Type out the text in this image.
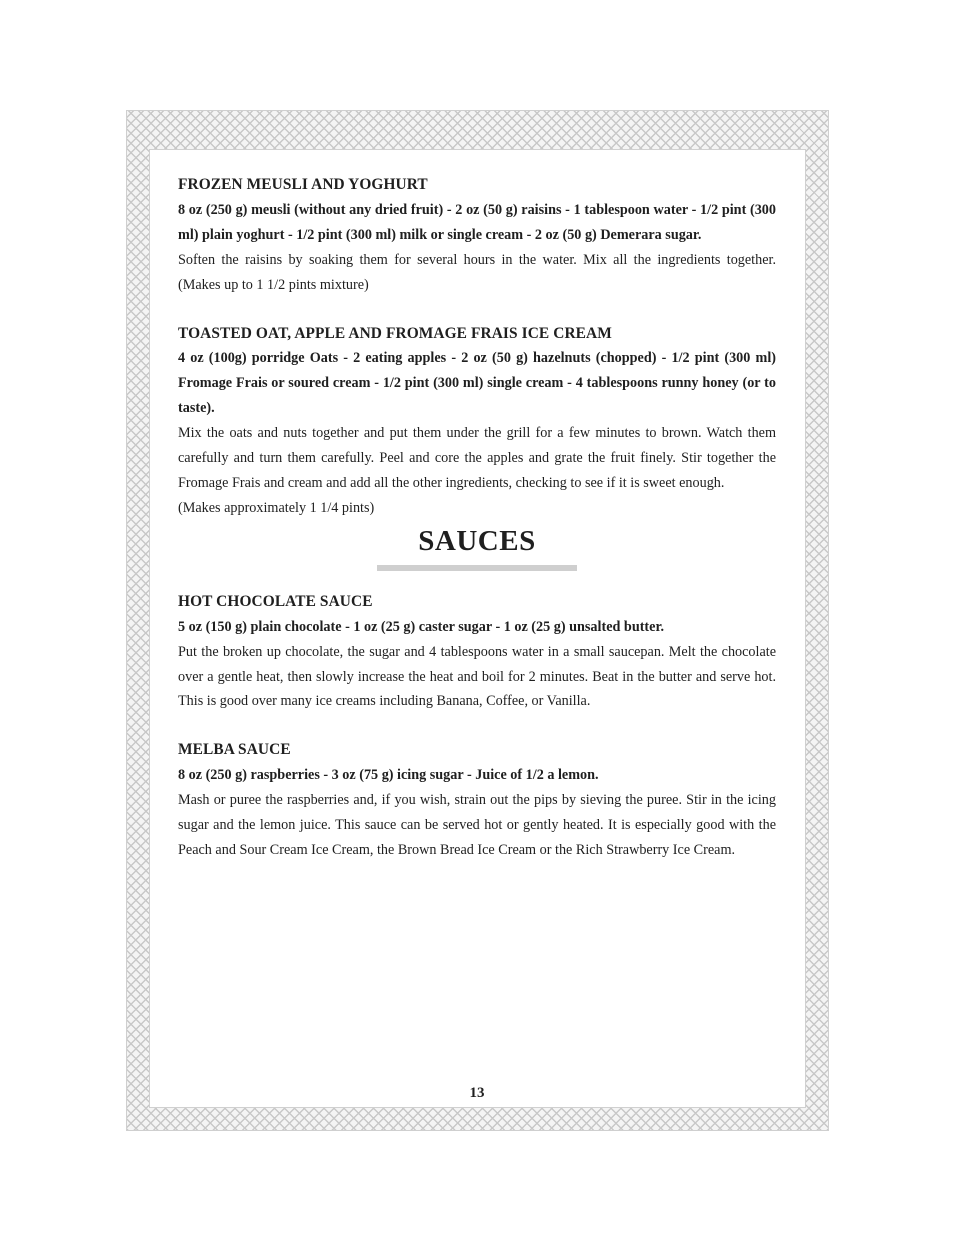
FROZEN MEUSLI AND YOGHURT

8 oz (250 g) meusli (without any dried fruit) - 2 oz (50 g) raisins - 1 tablespoon water - 1/2 pint (300 ml) plain yoghurt - 1/2 pint (300 ml) milk or single cream - 2 oz (50 g) Demerara sugar.

Soften the raisins by soaking them for several hours in the water. Mix all the ingredients together. (Makes up to 1 1/2 pints mixture)

TOASTED OAT, APPLE AND FROMAGE FRAIS ICE CREAM

4 oz (100g) porridge Oats - 2 eating apples - 2 oz (50 g) hazelnuts (chopped) - 1/2 pint (300 ml) Fromage Frais or soured cream - 1/2 pint (300 ml) single cream - 4 tablespoons runny honey (or to taste).

Mix the oats and nuts together and put them under the grill for a few minutes to brown. Watch them carefully and turn them carefully. Peel and core the apples and grate the fruit finely. Stir together the Fromage Frais and cream and add all the other ingredients, checking to see if it is sweet enough.

(Makes approximately 1 1/4 pints)

SAUCES

HOT CHOCOLATE SAUCE

5 oz (150 g) plain chocolate - 1 oz (25 g) caster sugar - 1 oz (25 g) unsalted butter.

Put the broken up chocolate, the sugar and 4 tablespoons water in a small saucepan. Melt the chocolate over a gentle heat, then slowly increase the heat and boil for 2 minutes. Beat in the butter and serve hot. This is good over many ice creams including Banana, Coffee, or Vanilla.

MELBA SAUCE

8 oz (250 g) raspberries - 3 oz (75 g) icing sugar - Juice of 1/2 a lemon.

Mash or puree the raspberries and, if you wish, strain out the pips by sieving the puree. Stir in the icing sugar and the lemon juice. This sauce can be served hot or gently heated. It is especially good with the Peach and Sour Cream Ice Cream, the Brown Bread Ice Cream or the Rich Strawberry Ice Cream.

13
